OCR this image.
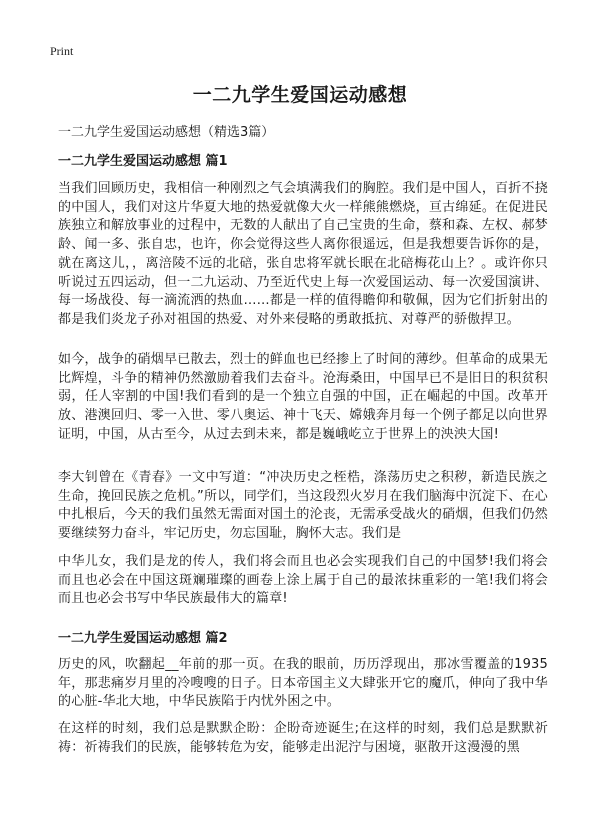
Print
一二九学生爱国运动感想

一二九学生爱国运动感想（精选3篇）

一二九学生爱国运动感想 篇1

当我们回顾历史，我相信一种刚烈之气会填满我们的胸腔。我们是中国人，百折不挠的中国人，我们对这片华夏大地的热爱就像大火一样熊熊燃烧，亘古绵延。在促进民族独立和解放事业的过程中，无数的人献出了自己宝贵的生命，蔡和森、左权、郝梦龄、闻一多、张自忠，也许，你会觉得这些人离你很遥远，但是我想要告诉你的是，就在离这儿，，离涪陵不远的北碚，张自忠将军就长眠在北碚梅花山上？。或许你只听说过五四运动，但一二九运动、乃至近代史上每一次爱国运动、每一次爱国演讲、每一场战役、每一滴流洒的热血……都是一样的值得瞻仰和敬佩，因为它们折射出的都是我们炎龙子孙对祖国的热爱、对外来侵略的勇敢抵抗、对尊严的骄傲捍卫。

如今，战争的硝烟早已散去，烈士的鲜血也已经掺上了时间的薄纱。但革命的成果无比辉煌，斗争的精神仍然激励着我们去奋斗。沧海桑田，中国早已不是旧日的积贫积弱，任人宰割的中国!我们看到的是一个独立自强的中国，正在崛起的中国。改革开放、港澳回归、零一入世、零八奥运、神十飞天、嫦娥奔月每一个例子都足以向世界证明，中国，从古至今，从过去到未来，都是巍峨屹立于世界上的泱泱大国!

李大钊曾在《青春》一文中写道：“冲决历史之桎梏，涤荡历史之积秽，新造民族之生命，挽回民族之危机。”所以，同学们，当这段烈火岁月在我们脑海中沉淀下、在心中扎根后，今天的我们虽然无需面对国土的沦丧，无需承受战火的硝烟，但我们仍然要继续努力奋斗，牢记历史，勿忘国耻，胸怀大志。我们是

中华儿女，我们是龙的传人，我们将会而且也必会实现我们自己的中国梦!我们将会而且也必会在中国这斑斓璀璨的画卷上涂上属于自己的最浓抹重彩的一笔!我们将会而且也必会书写中华民族最伟大的篇章!

一二九学生爱国运动感想 篇2

历史的风，吹翻起__年前的那一页。在我的眼前，历历浮现出，那冰雪覆盖的1935年，那悲痛岁月里的冷嗖嗖的日子。日本帝国主义大肆张开它的魔爪，伸向了我中华的心脏-华北大地，中华民族陷于内忧外困之中。

在这样的时刻，我们总是默默企盼：企盼奇迹诞生;在这样的时刻，我们总是默默祈祷：祈祷我们的民族，能够转危为安，能够走出泥泞与困境，驱散开这漫漫的黑
